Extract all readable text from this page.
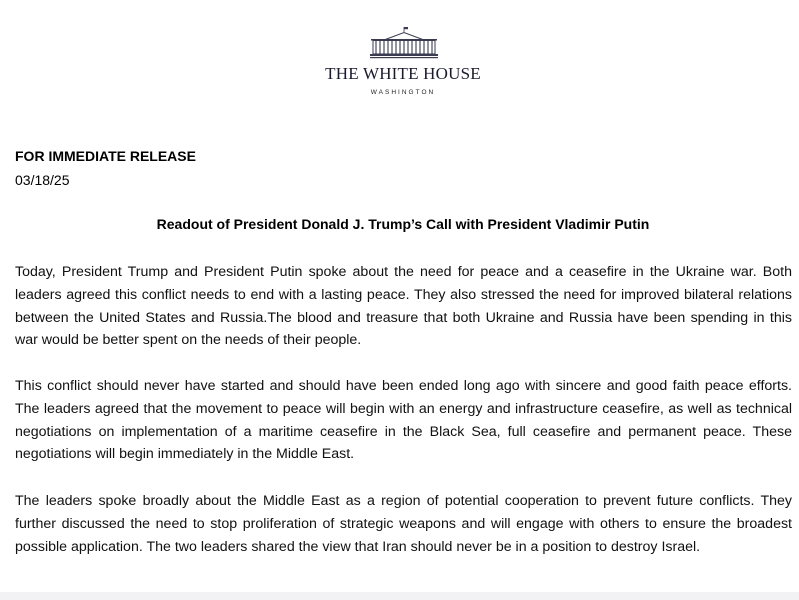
THE WHITE HOUSE
WASHINGTON
FOR IMMEDIATE RELEASE
03/18/25
Readout of President Donald J. Trump’s Call with President Vladimir Putin

Today, President Trump and President Putin spoke about the need for peace and a ceasefire in the Ukraine war. Both leaders agreed this conflict needs to end with a lasting peace. They also stressed the need for improved bilateral relations between the United States and Russia.The blood and treasure that both Ukraine and Russia have been spending in this war would be better spent on the needs of their people.

This conflict should never have started and should have been ended long ago with sincere and good faith peace efforts. The leaders agreed that the movement to peace will begin with an energy and infrastructure ceasefire, as well as technical negotiations on implementation of a maritime ceasefire in the Black Sea, full ceasefire and permanent peace. These negotiations will begin immediately in the Middle East.

The leaders spoke broadly about the Middle East as a region of potential cooperation to prevent future conflicts. They further discussed the need to stop proliferation of strategic weapons and will engage with others to ensure the broadest possible application. The two leaders shared the view that Iran should never be in a position to destroy Israel.
